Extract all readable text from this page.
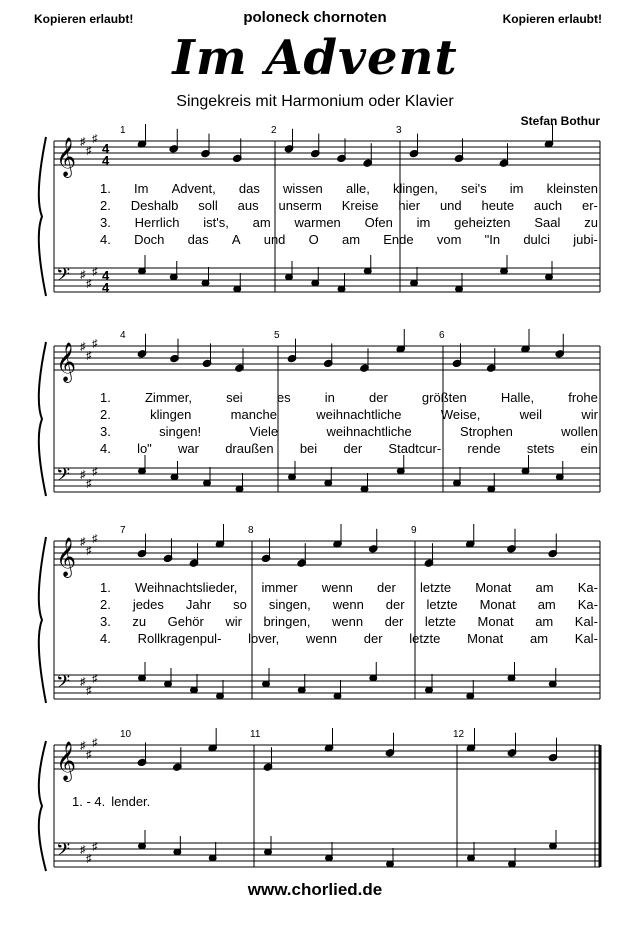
Kopieren erlaubt!	poloneck chornoten	Kopieren erlaubt!
Im Advent
Singekreis mit Harmonium oder Klavier
Stefan Bothur
𝄞 ♯
♯
♯
𝄢 ♯
♯
♯
4
4
4
4
1	2	3
𝄞 ♯
♯
♯
𝄢 ♯
♯
♯
4	5	6
𝄞 ♯
♯
♯
𝄢 ♯
♯
♯
7	8	9
𝄞 ♯
♯
♯
𝄢 ♯
♯
♯
10	11	12
1. Im Advent, das wissen alle, klingen, sei's im kleinsten
2. Deshalb soll aus unserm Kreise hier und heute auch er-
3. Herrlich ist's, am warmen Ofen im geheizten Saal zu
4. Doch das A und O am Ende vom "In dulci jubi-
1.	Zimmer,	sei	es	in	der	größten	Halle,	frohe
2.	klingen	manche	weihnachtliche	Weise,	weil	wir
3.	singen!	Viele	weihnachtliche	Strophen	wollen
4. lo" war draußen bei der Stadtcur- rende stets ein
1. Weihnachtslieder, immer wenn der letzte Monat am Ka-
2. jedes Jahr so singen, wenn der letzte Monat am Ka-
3. zu Gehör wir bringen, wenn der letzte Monat am Kal-
4. Rollkragenpul- lover, wenn der letzte Monat am Kal-
1. - 4. lender.
www.chorlied.de
